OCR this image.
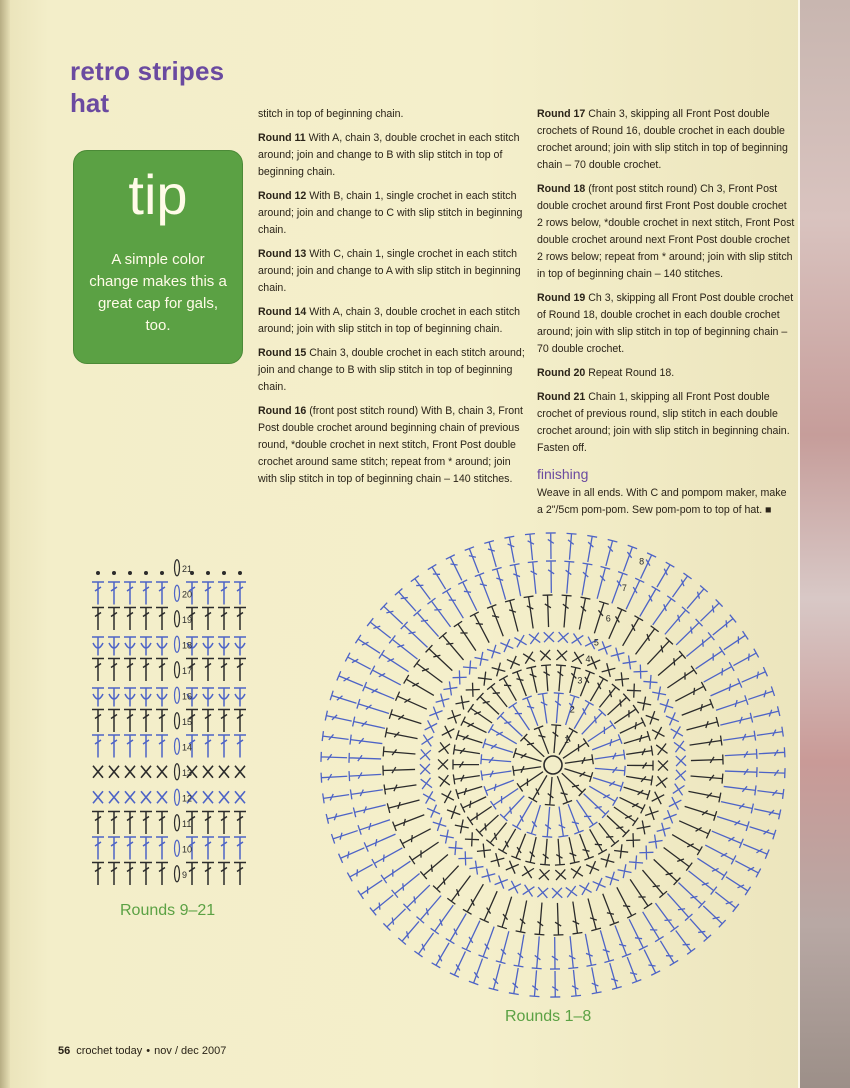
retro stripes
hat
tip
A simple color change makes this a great cap for gals, too.

stitch in top of beginning chain.

Round 11 With A, chain 3, double crochet in each stitch around; join and change to B with slip stitch in top of beginning chain.

Round 12 With B, chain 1, single crochet in each stitch around; join and change to C with slip stitch in beginning chain.

Round 13 With C, chain 1, single crochet in each stitch around; join and change to A with slip stitch in beginning chain.

Round 14 With A, chain 3, double crochet in each stitch around; join with slip stitch in top of beginning chain.

Round 15 Chain 3, double crochet in each stitch around; join and change to B with slip stitch in top of beginning chain.

Round 16 (front post stitch round) With B, chain 3, Front Post double crochet around beginning chain of previous round, *double crochet in next stitch, Front Post double crochet around same stitch; repeat from * around; join with slip stitch in top of beginning chain – 140 stitches.

Round 17 Chain 3, skipping all Front Post double crochets of Round 16, double crochet in each double crochet around; join with slip stitch in top of beginning chain – 70 double crochet.

Round 18 (front post stitch round) Ch 3, Front Post double crochet around first Front Post double crochet 2 rows below, *double crochet in next stitch, Front Post double crochet around next Front Post double crochet 2 rows below; repeat from * around; join with slip stitch in top of beginning chain – 140 stitches.

Round 19 Ch 3, skipping all Front Post double crochet of Round 18, double crochet in each double crochet around; join with slip stitch in top of beginning chain – 70 double crochet.

Round 20 Repeat Round 18.

Round 21 Chain 1, skipping all Front Post double crochet of previous round, slip stitch in each double crochet around; join with slip stitch in beginning chain. Fasten off.

finishing
Weave in all ends. With C and pompom maker, make a 2"/5cm pom-pom. Sew pom-pom to top of hat. ■
9
10
11
12
13
14
15
16
17
18
19
20
21

Rounds 9–21

1
2
3
4
5
6
7
8

Rounds 1–8

56 crochet today • nov / dec 2007
